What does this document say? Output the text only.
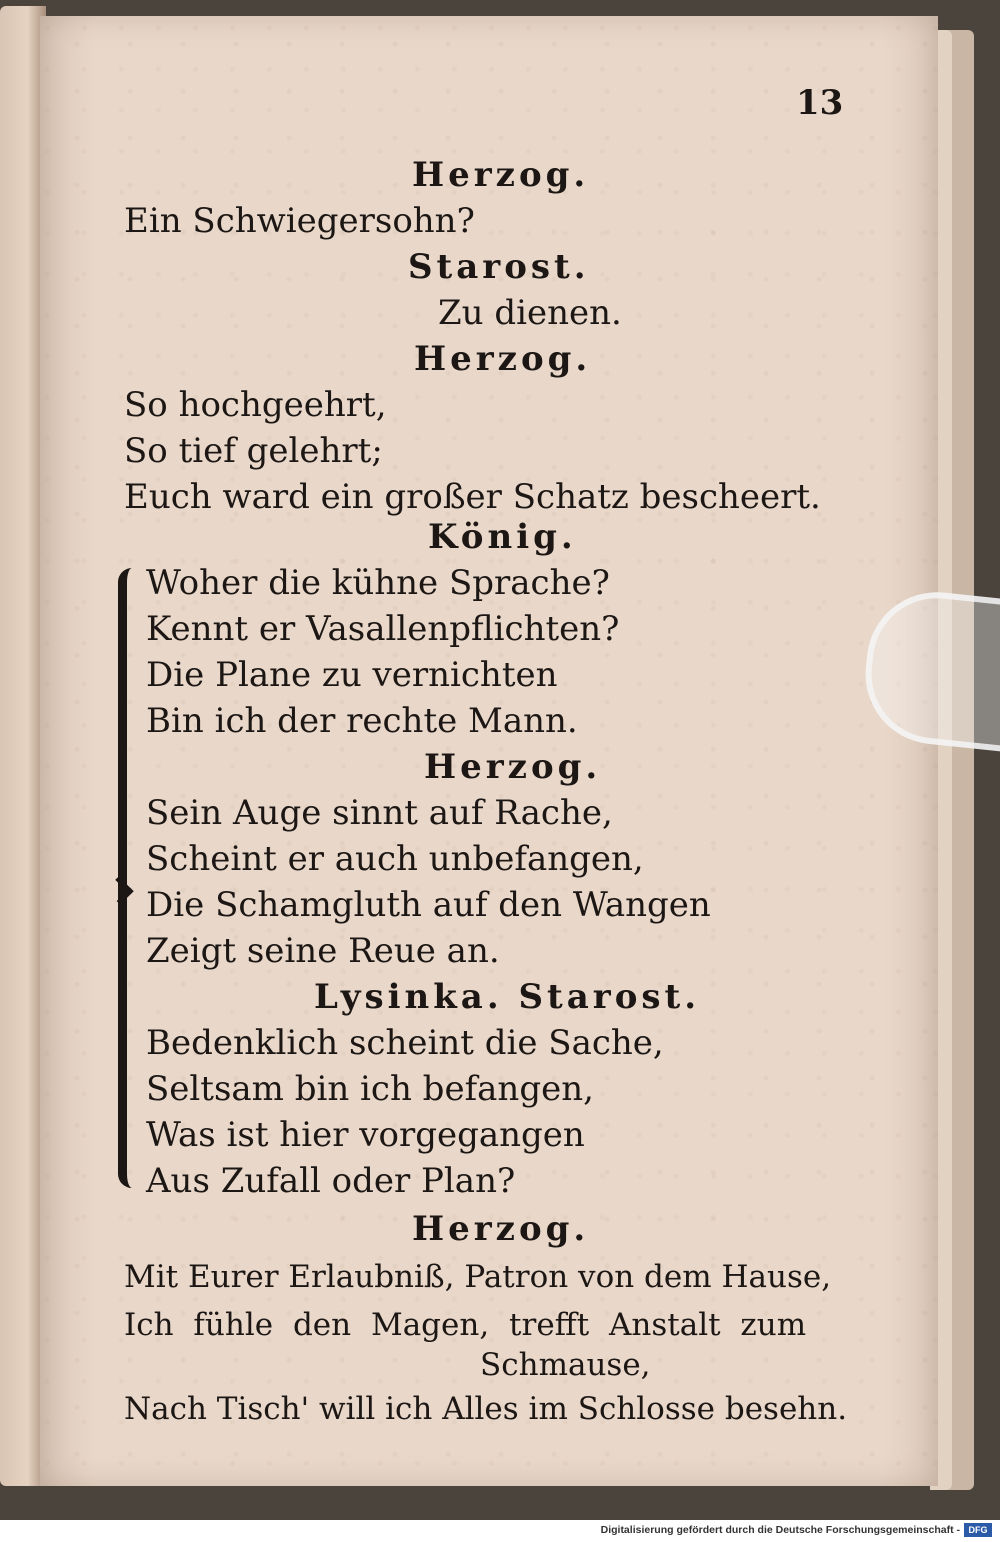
13
Herzog.
Ein Schwiegersohn?
Starost.
Zu dienen.
Herzog.
So hochgeehrt,
So tief gelehrt;
Euch ward ein großer Schatz bescheert.
König.
Woher die kühne Sprache?
Kennt er Vasallenpflichten?
Die Plane zu vernichten
Bin ich der rechte Mann.
Herzog.
Sein Auge sinnt auf Rache,
Scheint er auch unbefangen,
Die Schamgluth auf den Wangen
Zeigt seine Reue an.
Lysinka. Starost.
Bedenklich scheint die Sache,
Seltsam bin ich befangen,
Was ist hier vorgegangen
Aus Zufall oder Plan?
Herzog.
Mit Eurer Erlaubniß, Patron von dem Hause,
Ich fühle den Magen, trefft Anstalt zum
Schmause,
Nach Tisch' will ich Alles im Schlosse besehn.
Digitalisierung gefördert durch die Deutsche Forschungsgemeinschaft - DFG
